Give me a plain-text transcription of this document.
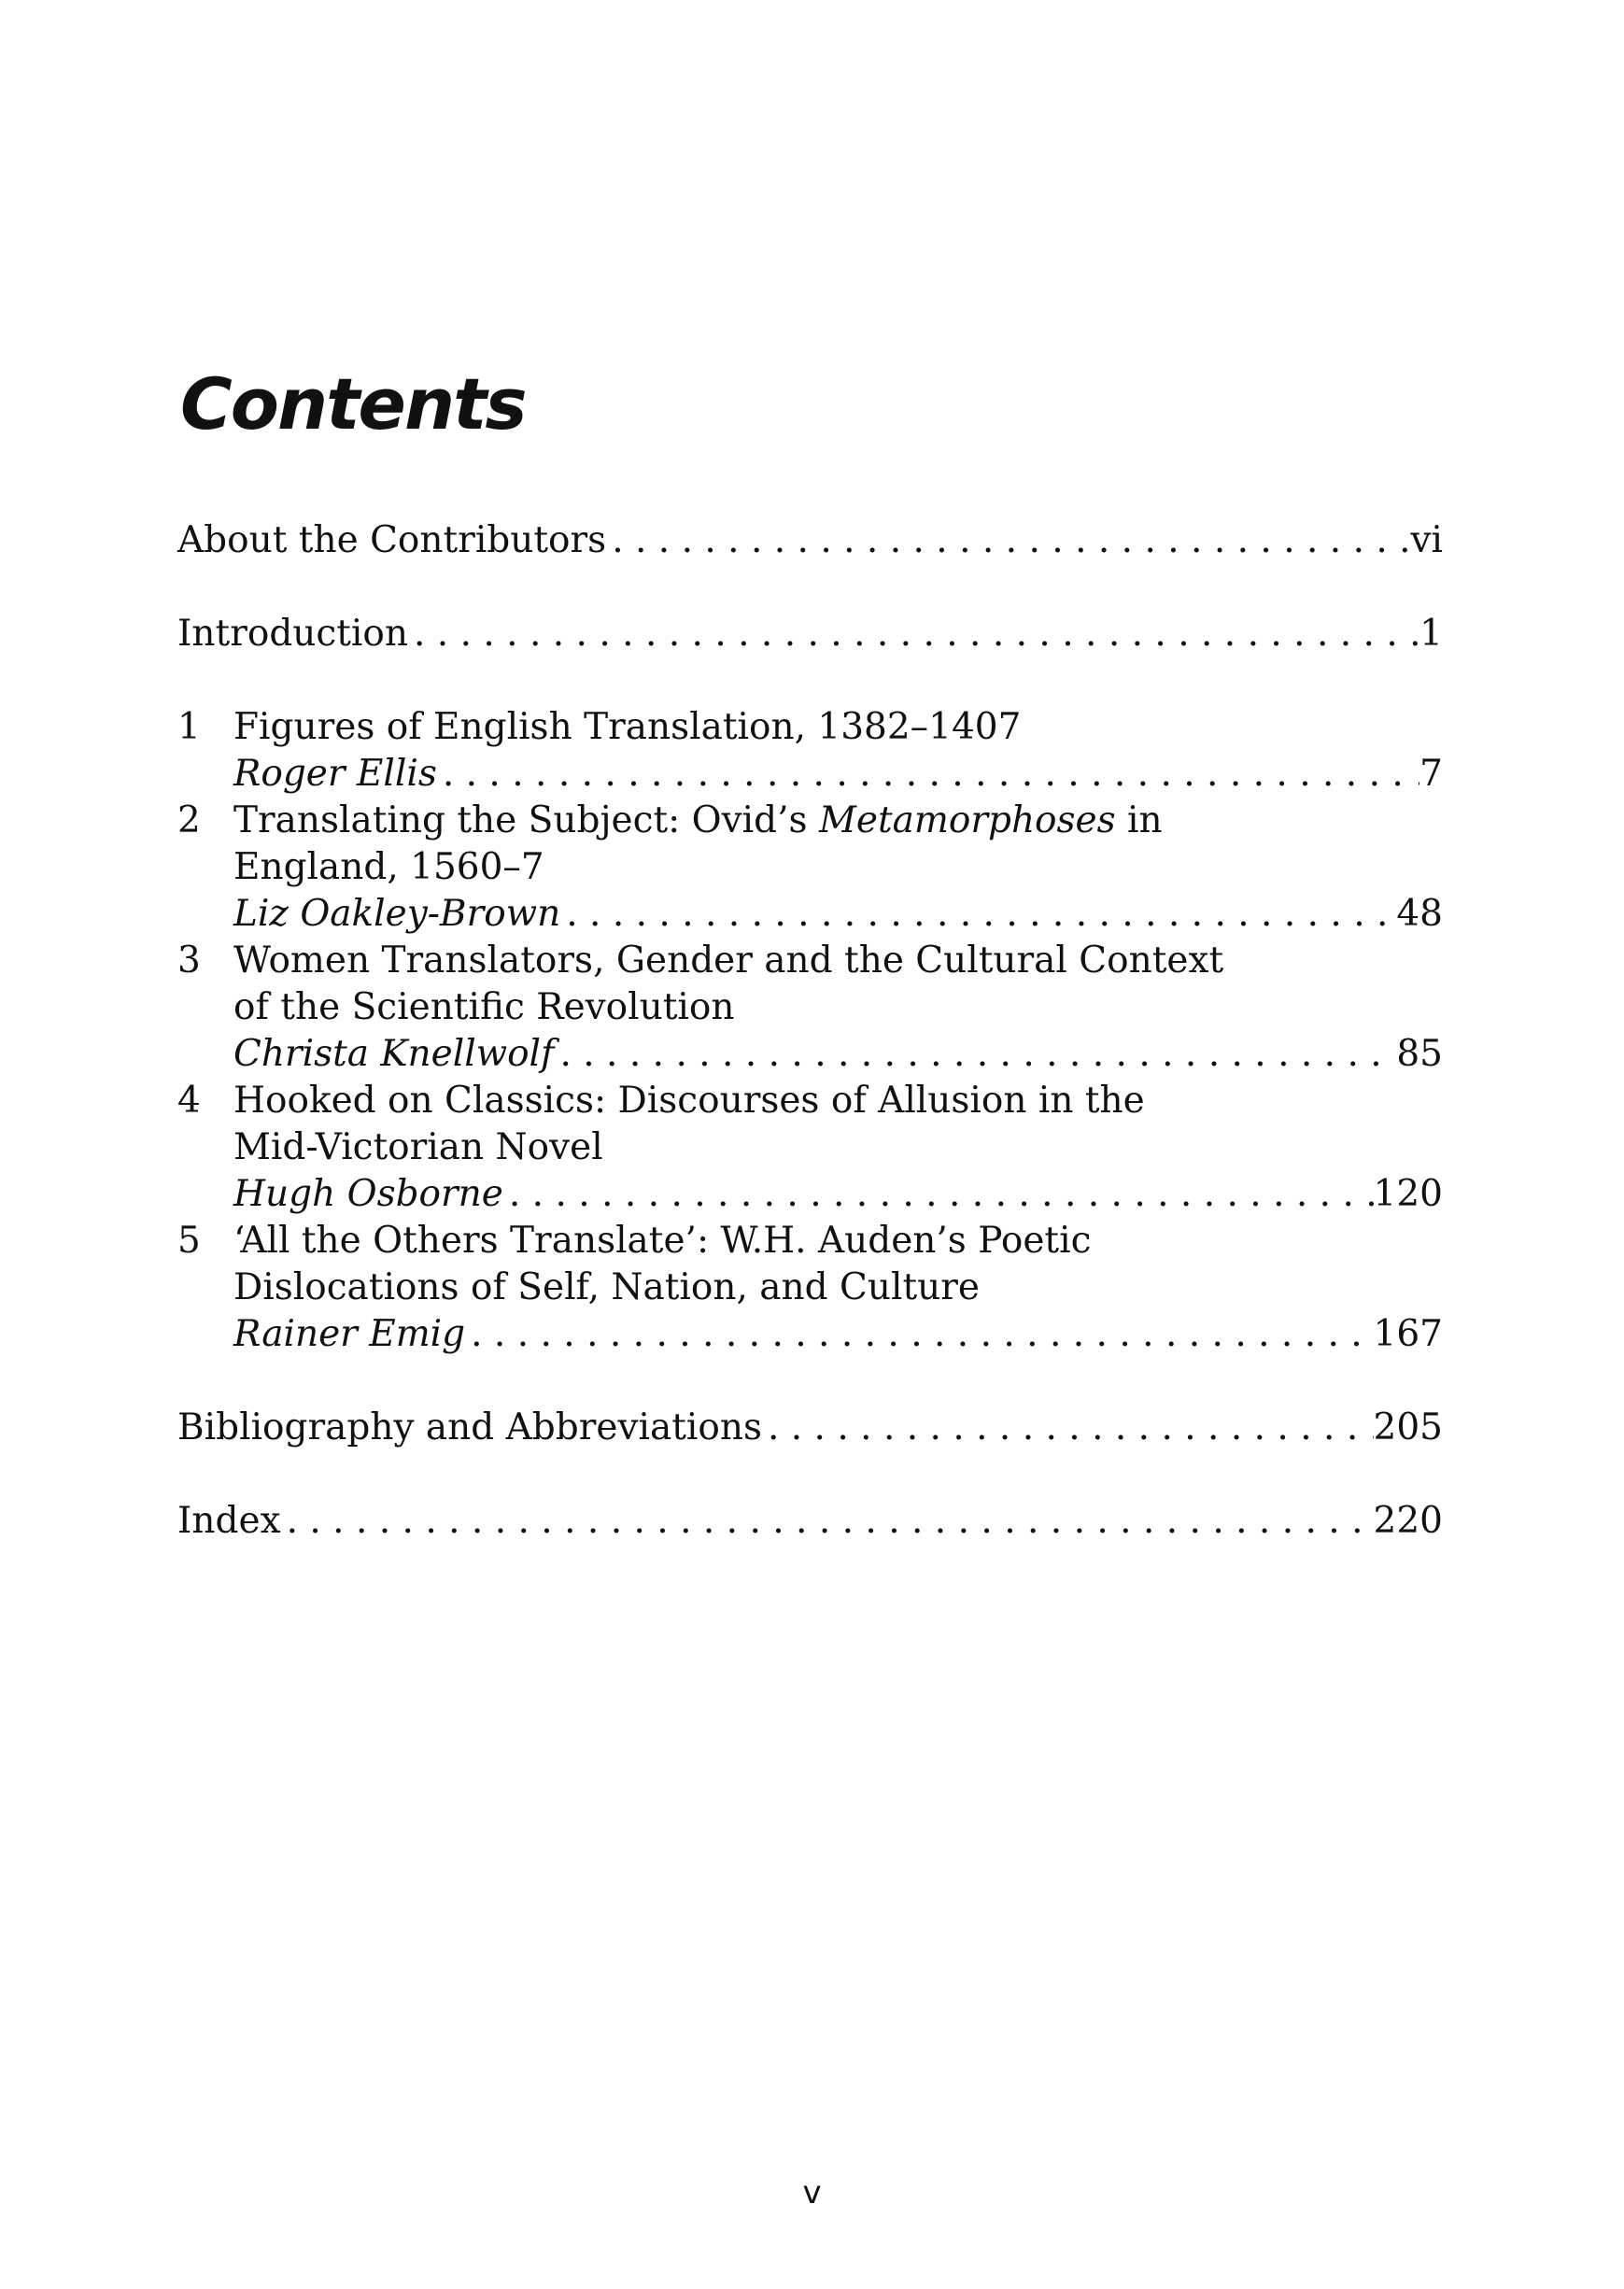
Contents
About the Contributors . . .	vi
Introduction . . .	1
1 Figures of English Translation, 1382–1407
Roger Ellis . . .	7
2 Translating the Subject: Ovid’s Metamorphoses in
England, 1560–7
Liz Oakley-Brown . . .	48
3 Women Translators, Gender and the Cultural Context
of the Scientific Revolution
Christa Knellwolf . . .	85
4 Hooked on Classics: Discourses of Allusion in the
Mid-Victorian Novel
Hugh Osborne . . .	120
5 ‘All the Others Translate’: W.H. Auden’s Poetic
Dislocations of Self, Nation, and Culture
Rainer Emig . . .	167
Bibliography and Abbreviations . . .	205
Index . . .	220
v
